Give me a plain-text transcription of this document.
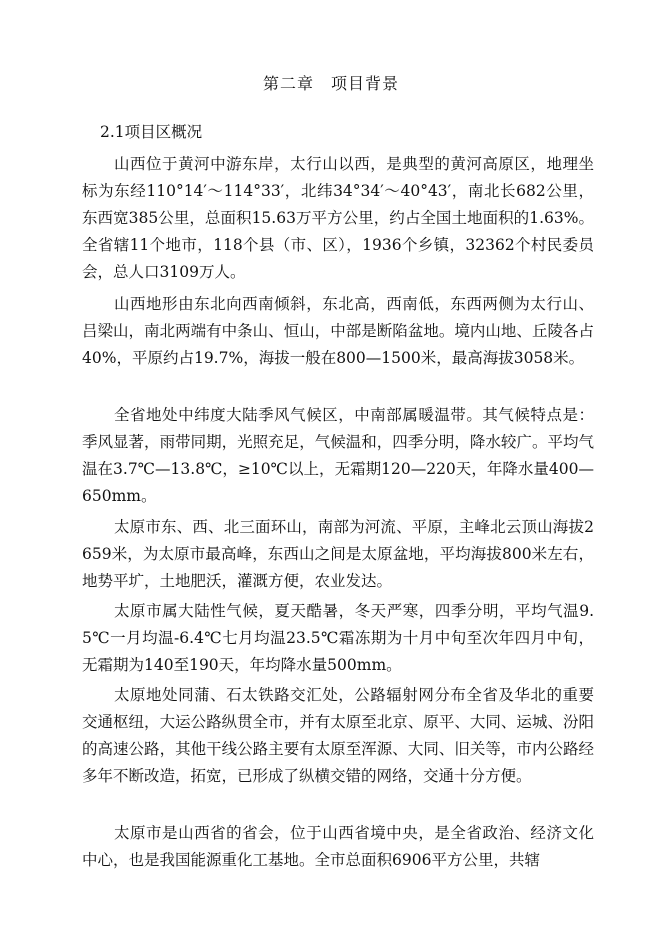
第二章　项目背景
2.1项目区概况

山西位于黄河中游东岸，太行山以西，是典型的黄河高原区，地理坐标为东经110°14′～114°33′，北纬34°34′～40°43′，南北长682公里，东西宽385公里，总面积15.63万平方公里，约占全国土地面积的1.63%。全省辖11个地市，118个县（市、区），1936个乡镇，32362个村民委员会，总人口3109万人。

山西地形由东北向西南倾斜，东北高，西南低，东西两侧为太行山、吕梁山，南北两端有中条山、恒山，中部是断陷盆地。境内山地、丘陵各占40%，平原约占19.7%，海拔一般在800—1500米，最高海拔3058米。

全省地处中纬度大陆季风气候区，中南部属暖温带。其气候特点是：季风显著，雨带同期，光照充足，气候温和，四季分明，降水较广。平均气温在3.7℃—13.8℃，≥10℃以上，无霜期120—220天，年降水量400—650mm。

太原市东、西、北三面环山，南部为河流、平原，主峰北云顶山海拔2659米，为太原市最高峰，东西山之间是太原盆地，平均海拔800米左右，地势平圹，土地肥沃，灌溉方便，农业发达。

太原市属大陆性气候，夏天酷暑，冬天严寒，四季分明，平均气温9.5℃一月均温-6.4℃七月均温23.5℃霜冻期为十月中旬至次年四月中旬，无霜期为140至190天，年均降水量500mm。

太原地处同蒲、石太铁路交汇处，公路辐射网分布全省及华北的重要交通枢纽，大运公路纵贯全市，并有太原至北京、原平、大同、运城、汾阳的高速公路，其他干线公路主要有太原至浑源、大同、旧关等，市内公路经多年不断改造，拓宽，已形成了纵横交错的网络，交通十分方便。

太原市是山西省的省会，位于山西省境中央，是全省政治、经济文化中心，也是我国能源重化工基地。全市总面积6906平方公里，共辖
